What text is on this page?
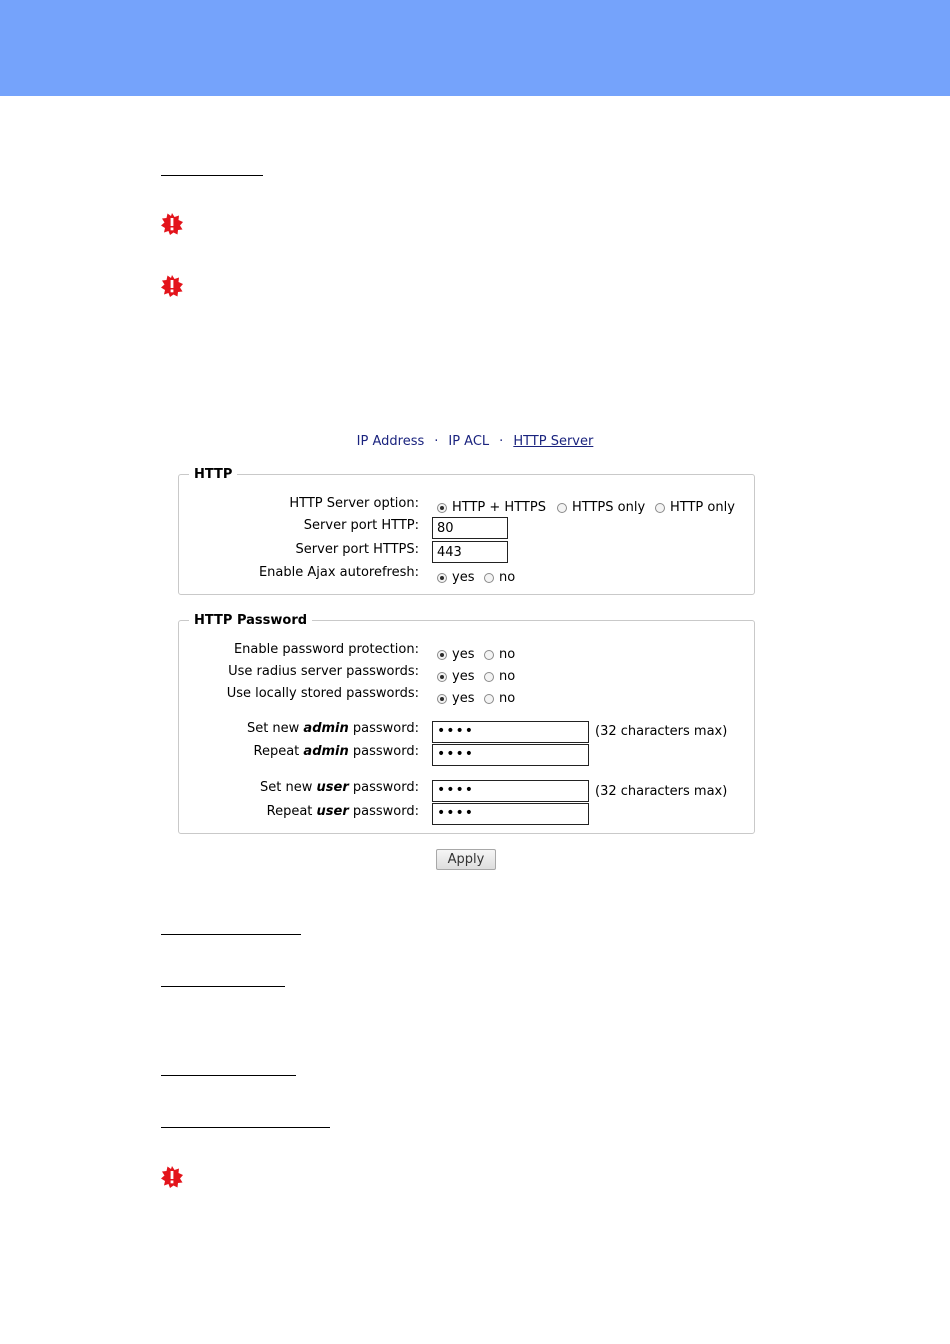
IP Address · IP ACL · HTTP Server
HTTP
HTTP Server option:	HTTP + HTTPS HTTPS only HTTP only
Server port HTTP:	80
Server port HTTPS:	443
Enable Ajax autorefresh:	yes no
HTTP Password
Enable password protection:	yes no
Use radius server passwords:	yes no
Use locally stored passwords:	yes no
Set new admin password:	••••	(32 characters max)
Repeat admin password:	••••
Set new user password:	••••	(32 characters max)
Repeat user password:	••••
Apply
